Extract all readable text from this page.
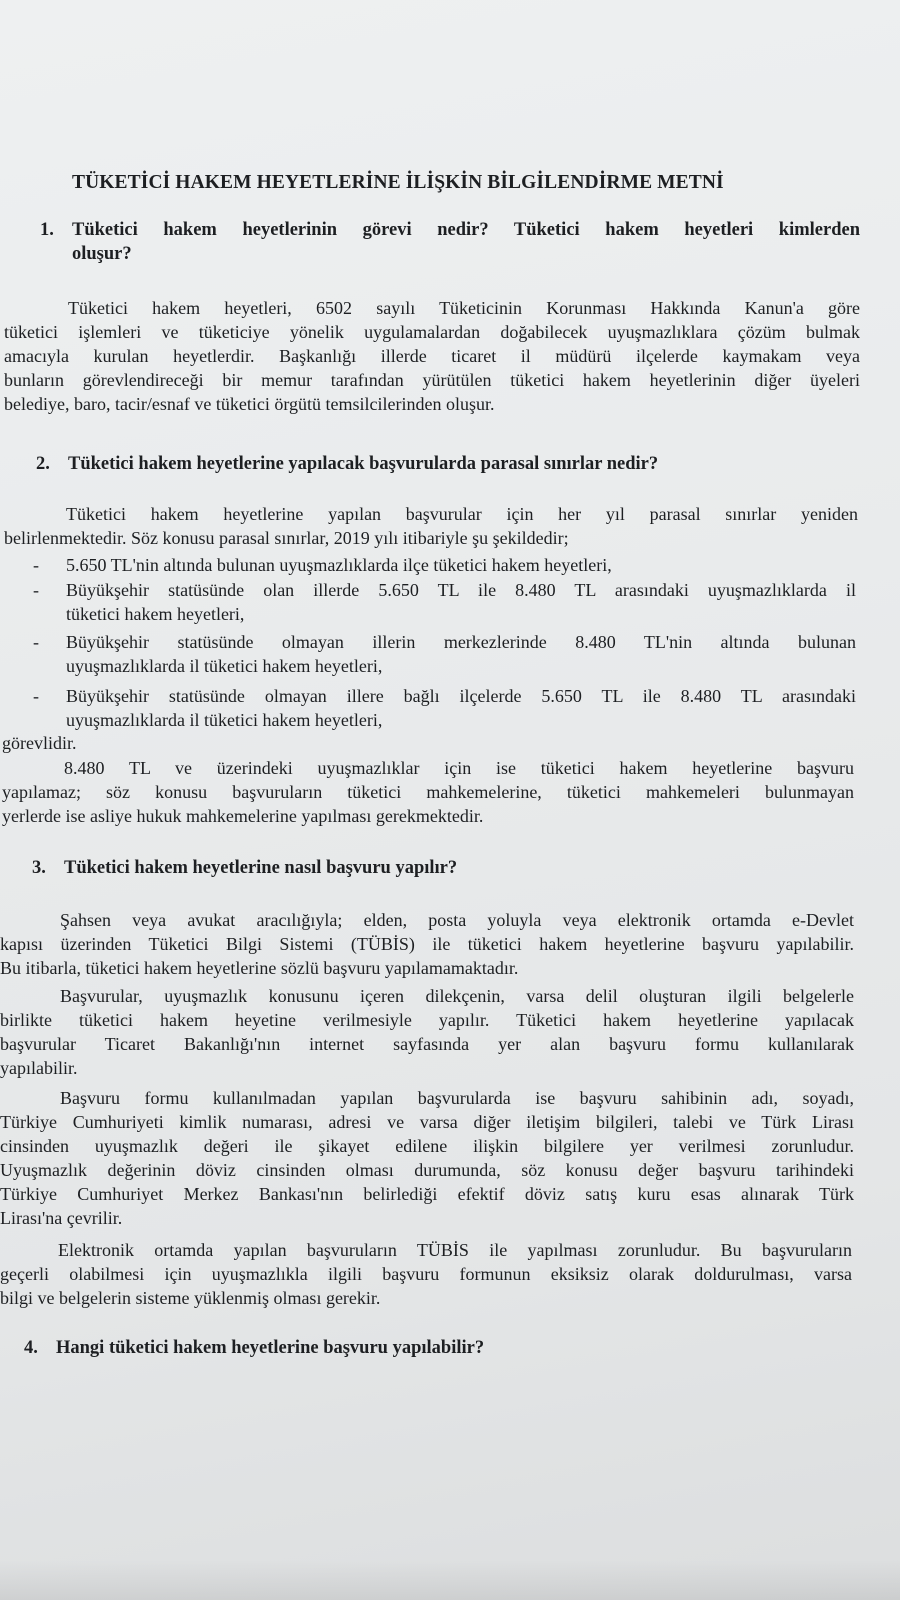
TÜKETİCİ HAKEM HEYETLERİNE İLİŞKİN BİLGİLENDİRME METNİ
1. Tüketici hakem heyetlerinin görevi nedir? Tüketici hakem heyetleri kimlerden
oluşur?
Tüketici hakem heyetleri, 6502 sayılı Tüketicinin Korunması Hakkında Kanun'a göre
tüketici işlemleri ve tüketiciye yönelik uygulamalardan doğabilecek uyuşmazlıklara çözüm bulmak
amacıyla kurulan heyetlerdir. Başkanlığı illerde ticaret il müdürü ilçelerde kaymakam veya
bunların görevlendireceği bir memur tarafından yürütülen tüketici hakem heyetlerinin diğer üyeleri
belediye, baro, tacir/esnaf ve tüketici örgütü temsilcilerinden oluşur.
2. Tüketici hakem heyetlerine yapılacak başvurularda parasal sınırlar nedir?
Tüketici hakem heyetlerine yapılan başvurular için her yıl parasal sınırlar yeniden
belirlenmektedir. Söz konusu parasal sınırlar, 2019 yılı itibariyle şu şekildedir;
- 5.650 TL'nin altında bulunan uyuşmazlıklarda ilçe tüketici hakem heyetleri,
- Büyükşehir statüsünde olan illerde 5.650 TL ile 8.480 TL arasındaki uyuşmazlıklarda il
tüketici hakem heyetleri,
- Büyükşehir statüsünde olmayan illerin merkezlerinde 8.480 TL'nin altında bulunan
uyuşmazlıklarda il tüketici hakem heyetleri,
- Büyükşehir statüsünde olmayan illere bağlı ilçelerde 5.650 TL ile 8.480 TL arasındaki
uyuşmazlıklarda il tüketici hakem heyetleri,
görevlidir.
8.480 TL ve üzerindeki uyuşmazlıklar için ise tüketici hakem heyetlerine başvuru
yapılamaz; söz konusu başvuruların tüketici mahkemelerine, tüketici mahkemeleri bulunmayan
yerlerde ise asliye hukuk mahkemelerine yapılması gerekmektedir.
3. Tüketici hakem heyetlerine nasıl başvuru yapılır?
Şahsen veya avukat aracılığıyla; elden, posta yoluyla veya elektronik ortamda e-Devlet
kapısı üzerinden Tüketici Bilgi Sistemi (TÜBİS) ile tüketici hakem heyetlerine başvuru yapılabilir.
Bu itibarla, tüketici hakem heyetlerine sözlü başvuru yapılamamaktadır.
Başvurular, uyuşmazlık konusunu içeren dilekçenin, varsa delil oluşturan ilgili belgelerle
birlikte tüketici hakem heyetine verilmesiyle yapılır. Tüketici hakem heyetlerine yapılacak
başvurular Ticaret Bakanlığı'nın internet sayfasında yer alan başvuru formu kullanılarak
yapılabilir.
Başvuru formu kullanılmadan yapılan başvurularda ise başvuru sahibinin adı, soyadı,
Türkiye Cumhuriyeti kimlik numarası, adresi ve varsa diğer iletişim bilgileri, talebi ve Türk Lirası
cinsinden uyuşmazlık değeri ile şikayet edilene ilişkin bilgilere yer verilmesi zorunludur.
Uyuşmazlık değerinin döviz cinsinden olması durumunda, söz konusu değer başvuru tarihindeki
Türkiye Cumhuriyet Merkez Bankası'nın belirlediği efektif döviz satış kuru esas alınarak Türk
Lirası'na çevrilir.
Elektronik ortamda yapılan başvuruların TÜBİS ile yapılması zorunludur. Bu başvuruların
geçerli olabilmesi için uyuşmazlıkla ilgili başvuru formunun eksiksiz olarak doldurulması, varsa
bilgi ve belgelerin sisteme yüklenmiş olması gerekir.
4. Hangi tüketici hakem heyetlerine başvuru yapılabilir?
